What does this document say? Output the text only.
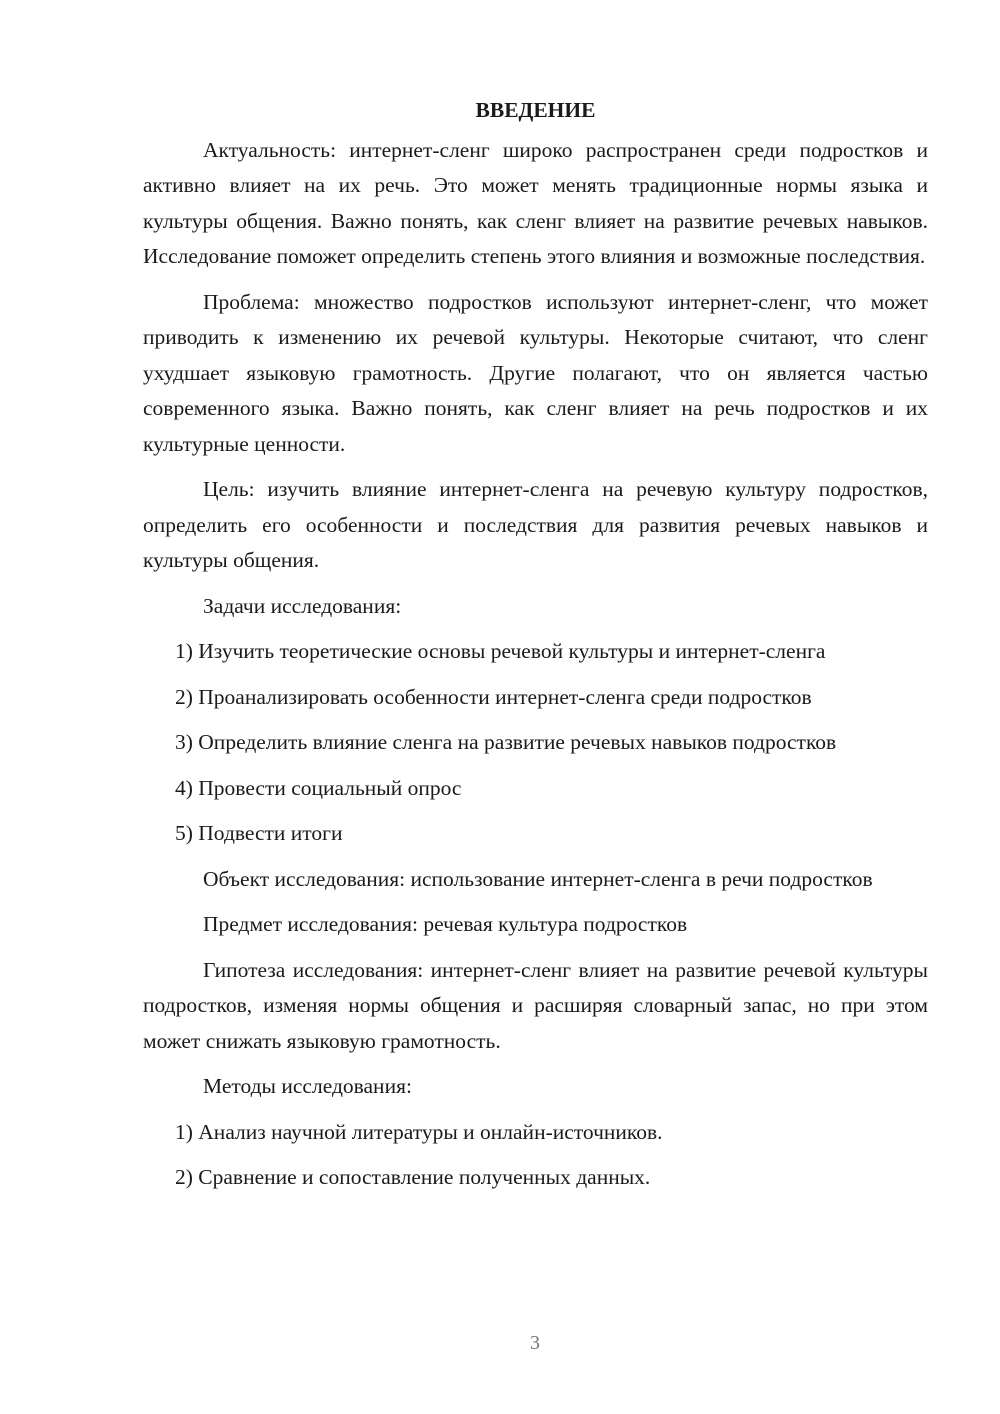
ВВЕДЕНИЕ

Актуальность: интернет-сленг широко распространен среди подростков и активно влияет на их речь. Это может менять традиционные нормы языка и культуры общения. Важно понять, как сленг влияет на развитие речевых навыков. Исследование поможет определить степень этого влияния и возможные последствия.

Проблема: множество подростков используют интернет-сленг, что может приводить к изменению их речевой культуры. Некоторые считают, что сленг ухудшает языковую грамотность. Другие полагают, что он является частью современного языка. Важно понять, как сленг влияет на речь подростков и их культурные ценности.

Цель: изучить влияние интернет-сленга на речевую культуру подростков, определить его особенности и последствия для развития речевых навыков и культуры общения.

Задачи исследования:

1) Изучить теоретические основы речевой культуры и интернет-сленга

2) Проанализировать особенности интернет-сленга среди подростков

3) Определить влияние сленга на развитие речевых навыков подростков

4) Провести социальный опрос

5) Подвести итоги

Объект исследования: использование интернет-сленга в речи подростков

Предмет исследования: речевая культура подростков

Гипотеза исследования: интернет-сленг влияет на развитие речевой культуры подростков, изменяя нормы общения и расширяя словарный запас, но при этом может снижать языковую грамотность.

Методы исследования:

1) Анализ научной литературы и онлайн-источников.

2) Сравнение и сопоставление полученных данных.

3
